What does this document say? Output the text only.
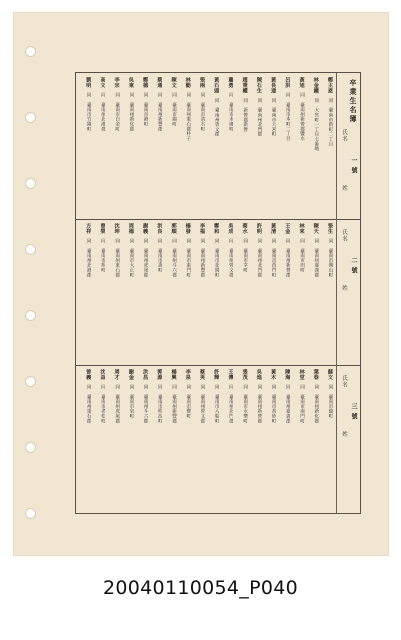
卒業生名簿
氏名
一 號
姓
鄭主恩　同　臺南市新町二丁目
林金鐘　同　大宮町一丁目七番地
黃旭　同　臺南州新營郡鹽水
呂洪　同　臺南市本町二丁目
黃長達　同　臺南市大宮町
陳石生　同　臺南州北門郡
趙秉權　同　新營郡新營
蕭勇　同　臺南市末廣町
黃石頭　同　臺南州曾文郡
張兩　同　臺南市清水町
林勤　同　臺南州東石郡朴子
陳文　同　臺南市錦町
蔡通　同　臺南州新豐郡
鄭德　同　臺南市港町
吳東　同　臺南州新化郡
李宗　同　臺南市白金町
高文　同　臺南州北港郡
劉明　同　臺南市竹園町
氏名
二 號
姓
張生　同　臺南市開山町
陳天　同　臺南州嘉義郡
林來　同　臺南市田町
王金　同　臺南州新營郡
黃清　同　臺南市西門町
許明　同　臺南州北門郡
蔡水　同　臺南市幸町
吳成　同　臺南州曾文郡
鄭和　同　臺南市花園町
李福　同　臺南州新豐郡
楊發　同　臺南市東門町
郭順　同　臺南州斗六郡
洪良　同　臺南市壽町
謝義　同　臺南州虎尾郡
周德　同　臺南市大正町
沈坤　同　臺南州東石郡
曾榮　同　臺南市旭町
方祥　同　臺南州北港郡
氏名
三 號
姓
蘇文　同　臺南市綠町
葉春　同　臺南州新化郡
林堂　同　臺南市南門町
陳海　同　臺南州嘉義郡
黃木　同　臺南市高砂町
吳進　同　臺南州新營郡
張茂　同　臺南市永樂町
王傳　同　臺南州北門郡
許輝　同　臺南市入船町
蔡英　同　臺南州曾文郡
李泉　同　臺南市寶町
楊興　同　臺南州新豐郡
郭源　同　臺南市明治町
洪昌　同　臺南州斗六郡
謝金　同　臺南市泉町
周才　同　臺南州虎尾郡
沈益　同　臺南市老松町
曾義　同　臺南州東石郡
20040110054_P040
